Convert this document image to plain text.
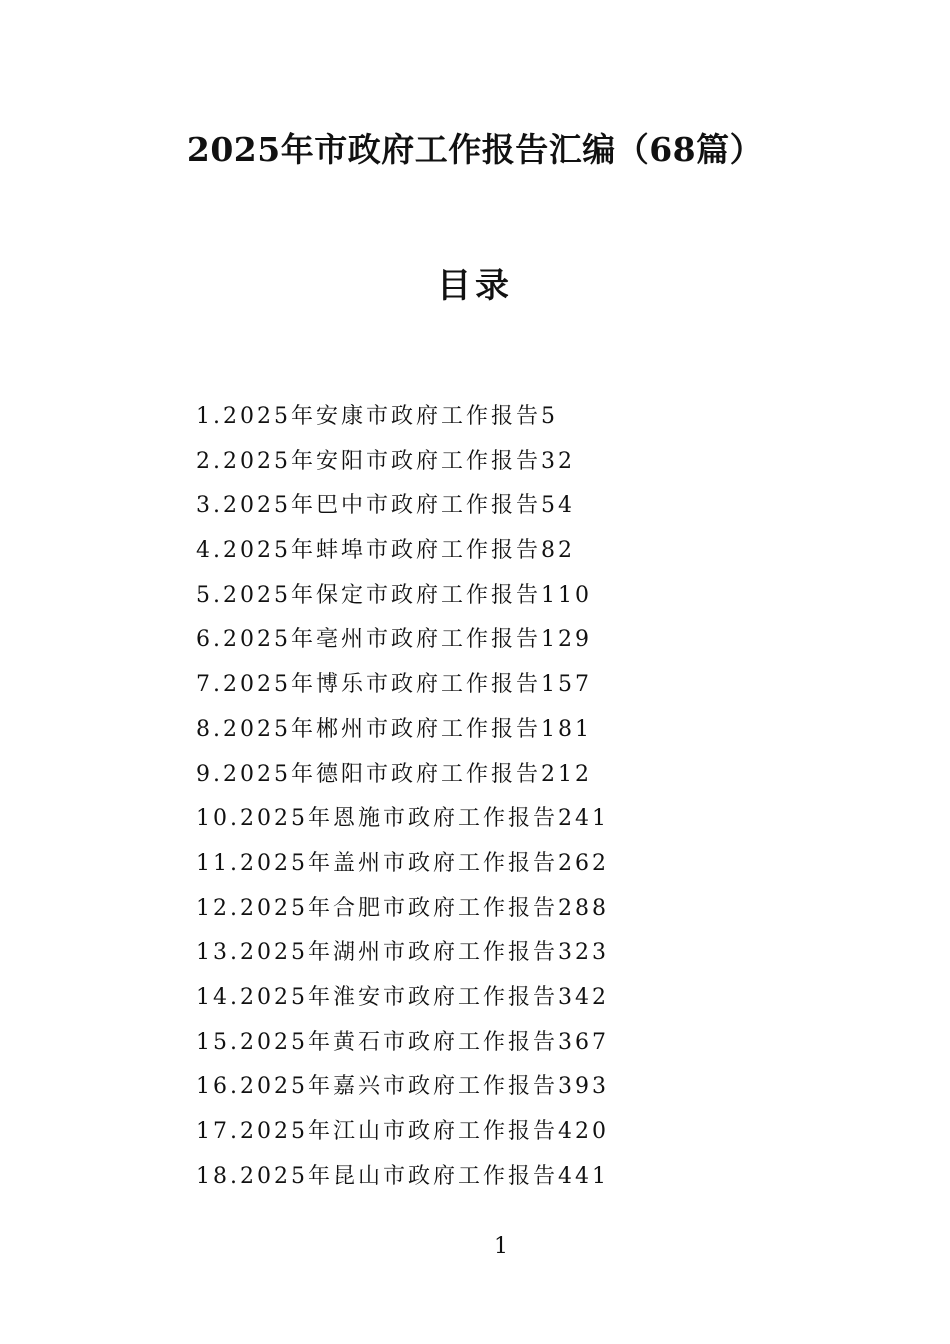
2025年市政府工作报告汇编（68篇）
目录
1.2025年安康市政府工作报告5
2.2025年安阳市政府工作报告32
3.2025年巴中市政府工作报告54
4.2025年蚌埠市政府工作报告82
5.2025年保定市政府工作报告110
6.2025年亳州市政府工作报告129
7.2025年博乐市政府工作报告157
8.2025年郴州市政府工作报告181
9.2025年德阳市政府工作报告212
10.2025年恩施市政府工作报告241
11.2025年盖州市政府工作报告262
12.2025年合肥市政府工作报告288
13.2025年湖州市政府工作报告323
14.2025年淮安市政府工作报告342
15.2025年黄石市政府工作报告367
16.2025年嘉兴市政府工作报告393
17.2025年江山市政府工作报告420
18.2025年昆山市政府工作报告441
1
